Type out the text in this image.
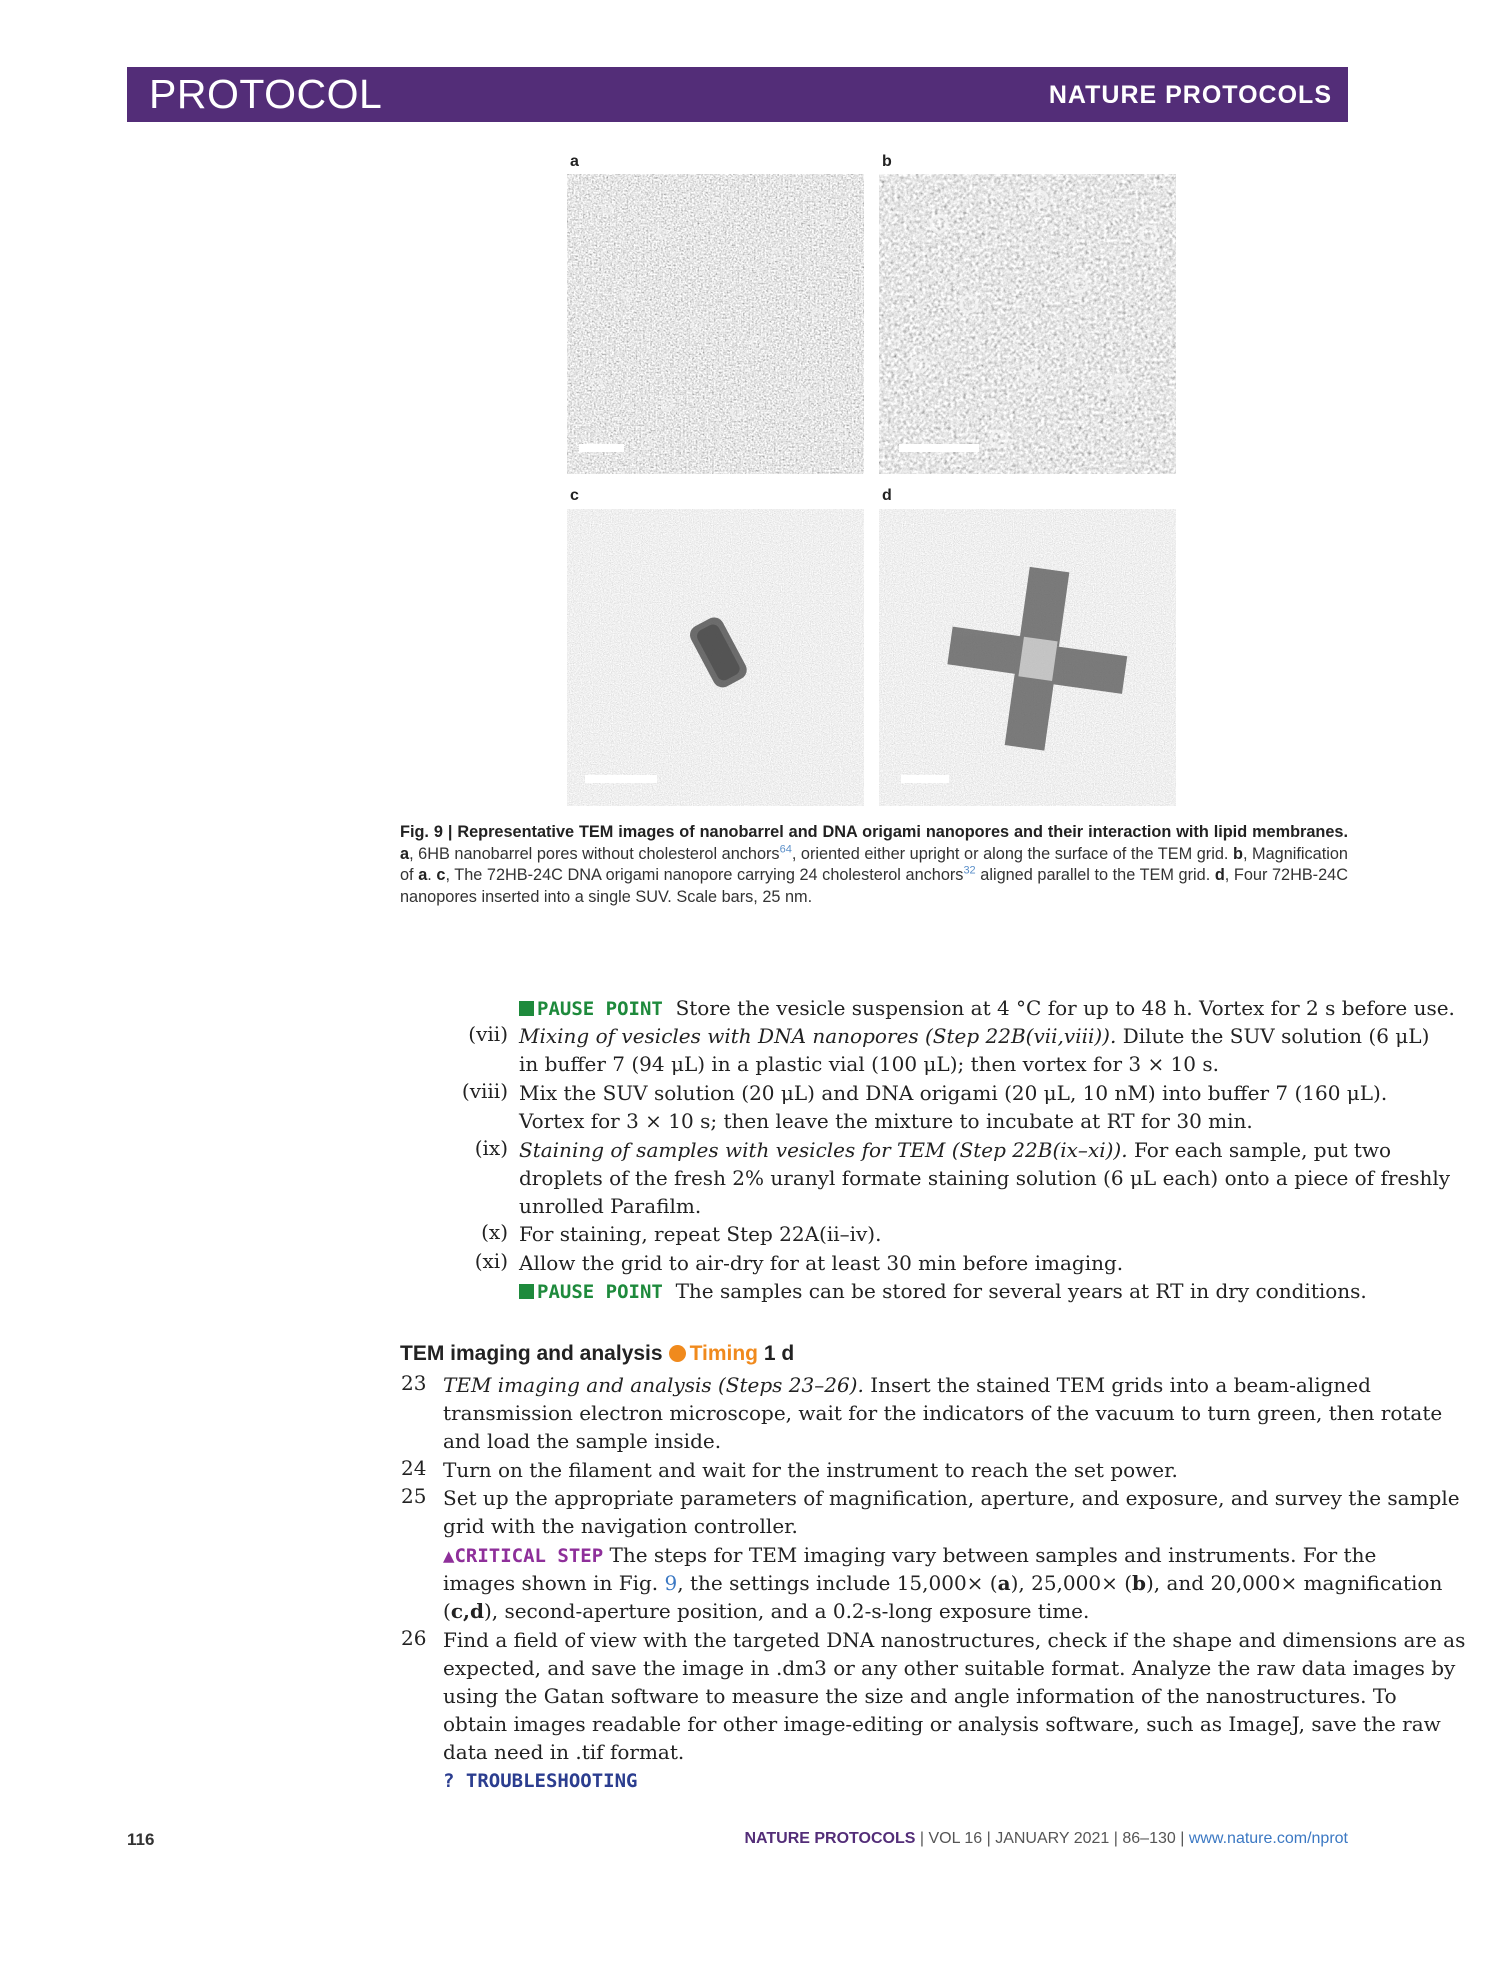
PROTOCOL	NATURE PROTOCOLS
a	b
c	d
Fig. 9 | Representative TEM images of nanobarrel and DNA origami nanopores and their interaction with lipid membranes. a, 6HB nanobarrel pores without cholesterol anchors$^{64}$, oriented either upright or along the surface of the TEM grid. b, Magnification of a. c, The 72HB-24C DNA origami nanopore carrying 24 cholesterol anchors$^{32}$ aligned parallel to the TEM grid. d, Four 72HB-24C nanopores inserted into a single SUV. Scale bars, 25 nm.
PAUSE POINT Store the vesicle suspension at 4 °C for up to 48 h. Vortex for 2 s before use.
(vii) Mixing of vesicles with DNA nanopores (Step 22B(vii,viii)). Dilute the SUV solution (6 μL)
in buffer 7 (94 μL) in a plastic vial (100 μL); then vortex for 3 × 10 s.
(viii) Mix the SUV solution (20 μL) and DNA origami (20 μL, 10 nM) into buffer 7 (160 μL).
Vortex for 3 × 10 s; then leave the mixture to incubate at RT for 30 min.
(ix) Staining of samples with vesicles for TEM (Step 22B(ix–xi)). For each sample, put two
droplets of the fresh 2% uranyl formate staining solution (6 μL each) onto a piece of freshly
unrolled Parafilm.
(x) For staining, repeat Step 22A(ii–iv).
(xi) Allow the grid to air-dry for at least 30 min before imaging.
PAUSE POINT The samples can be stored for several years at RT in dry conditions.
TEM imaging and analysis Timing 1 d
23 TEM imaging and analysis (Steps 23–26). Insert the stained TEM grids into a beam-aligned
transmission electron microscope, wait for the indicators of the vacuum to turn green, then rotate
and load the sample inside.
24 Turn on the filament and wait for the instrument to reach the set power.
25 Set up the appropriate parameters of magnification, aperture, and exposure, and survey the sample
grid with the navigation controller.
▲CRITICAL STEP The steps for TEM imaging vary between samples and instruments. For the
images shown in Fig. 9, the settings include 15,000× (a), 25,000× (b), and 20,000× magnification
(c,d), second-aperture position, and a 0.2-s-long exposure time.
26 Find a field of view with the targeted DNA nanostructures, check if the shape and dimensions are as
expected, and save the image in .dm3 or any other suitable format. Analyze the raw data images by
using the Gatan software to measure the size and angle information of the nanostructures. To
obtain images readable for other image-editing or analysis software, such as ImageJ, save the raw
data need in .tif format.
? TROUBLESHOOTING
116	NATURE PROTOCOLS | VOL 16 | JANUARY 2021 | 86–130 | www.nature.com/nprot
